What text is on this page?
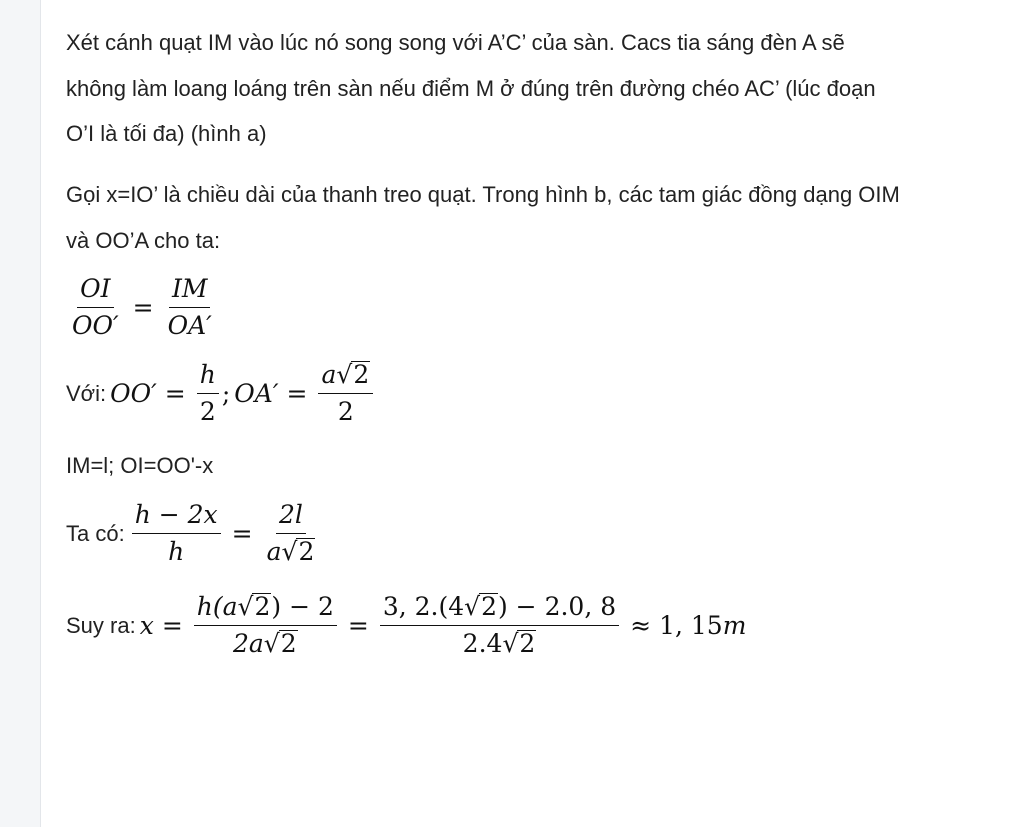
Xét cánh quạt IM vào lúc nó song song với A’C’ của sàn. Cacs tia sáng đèn A sẽ
không làm loang loáng trên sàn nếu điểm M ở đúng trên đường chéo AC’ (lúc đoạn
O’I là tối đa) (hình a)
Gọi x=IO’ là chiều dài của thanh treo quạt. Trong hình b, các tam giác đồng dạng OIM
và OO’A cho ta:
$\frac{OI}{OO'} = \frac{IM}{OA'}$
Với: $OO' = \frac{h}{2}$ ; $OA' = \frac{a√2}{2}$
IM=l; OI=OO'-x
Ta có: $\frac{h - 2x}{h} = \frac{2l}{a√2}$
Suy ra: $x = \frac{h(a√2) - 2}{2a√2} = \frac{3, 2.(4√2) - 2.0, 8}{2.4√2} \approx 1$, 15 m
